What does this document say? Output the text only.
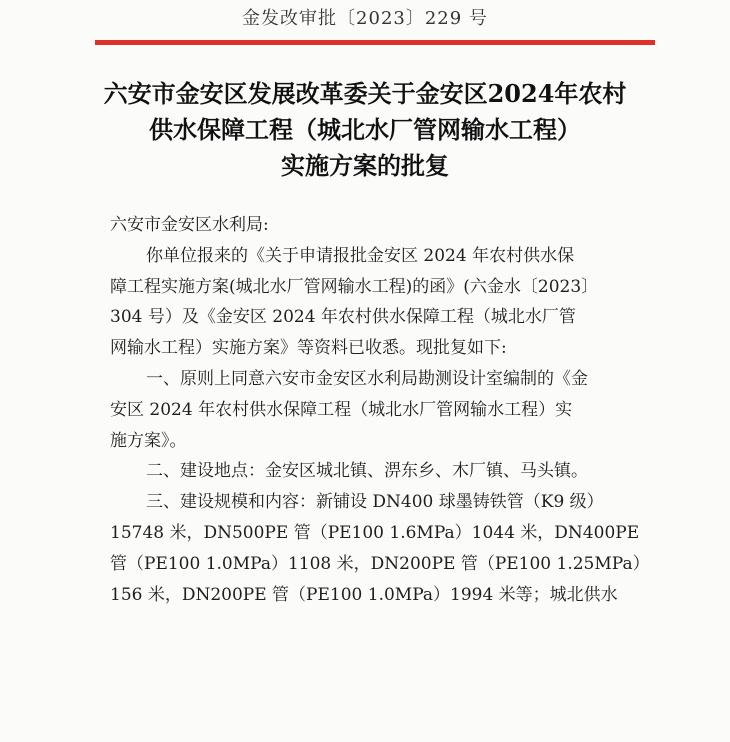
金发改审批〔2023〕229 号
六安市金安区发展改革委关于金安区2024年农村
供水保障工程（城北水厂管网输水工程）
实施方案的批复
六安市金安区水利局:
你单位报来的《关于申请报批金安区 2024 年农村供水保
障工程实施方案(城北水厂管网输水工程)的函》(六金水〔2023〕
304 号）及《金安区 2024 年农村供水保障工程（城北水厂管
网输水工程）实施方案》等资料已收悉。现批复如下:
一、原则上同意六安市金安区水利局勘测设计室编制的《金
安区 2024 年农村供水保障工程（城北水厂管网输水工程）实
施方案》。
二、建设地点：金安区城北镇、淠东乡、木厂镇、马头镇。
三、建设规模和内容：新铺设 DN400 球墨铸铁管（K9 级）
15748 米，DN500PE 管（PE100 1.6MPa）1044 米，DN400PE
管（PE100 1.0MPa）1108 米，DN200PE 管（PE100 1.25MPa）
156 米，DN200PE 管（PE100 1.0MPa）1994 米等；城北供水
